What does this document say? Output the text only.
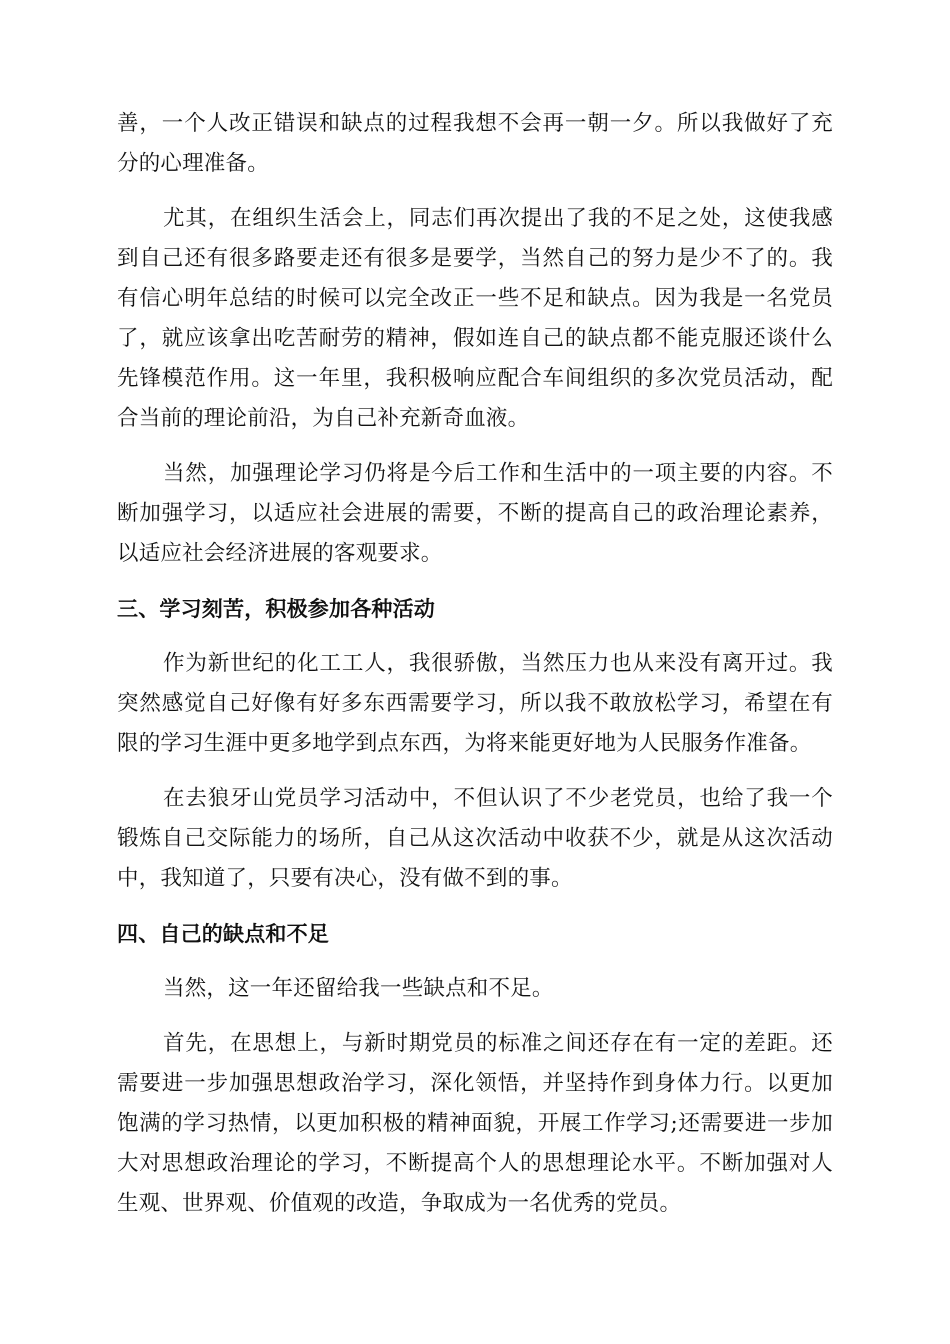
善，一个人改正错误和缺点的过程我想不会再一朝一夕。所以我做好了充分的心理准备。

尤其，在组织生活会上，同志们再次提出了我的不足之处，这使我感到自己还有很多路要走还有很多是要学，当然自己的努力是少不了的。我有信心明年总结的时候可以完全改正一些不足和缺点。因为我是一名党员了，就应该拿出吃苦耐劳的精神，假如连自己的缺点都不能克服还谈什么先锋模范作用。这一年里，我积极响应配合车间组织的多次党员活动，配合当前的理论前沿，为自己补充新奇血液。

当然，加强理论学习仍将是今后工作和生活中的一项主要的内容。不断加强学习，以适应社会进展的需要，不断的提高自己的政治理论素养，以适应社会经济进展的客观要求。

三、学习刻苦，积极参加各种活动

作为新世纪的化工工人，我很骄傲，当然压力也从来没有离开过。我突然感觉自己好像有好多东西需要学习，所以我不敢放松学习，希望在有限的学习生涯中更多地学到点东西，为将来能更好地为人民服务作准备。

在去狼牙山党员学习活动中，不但认识了不少老党员，也给了我一个锻炼自己交际能力的场所，自己从这次活动中收获不少，就是从这次活动中，我知道了，只要有决心，没有做不到的事。

四、自己的缺点和不足

当然，这一年还留给我一些缺点和不足。

首先，在思想上，与新时期党员的标准之间还存在有一定的差距。还需要进一步加强思想政治学习，深化领悟，并坚持作到身体力行。以更加饱满的学习热情，以更加积极的精神面貌，开展工作学习;还需要进一步加大对思想政治理论的学习，不断提高个人的思想理论水平。不断加强对人生观、世界观、价值观的改造，争取成为一名优秀的党员。
